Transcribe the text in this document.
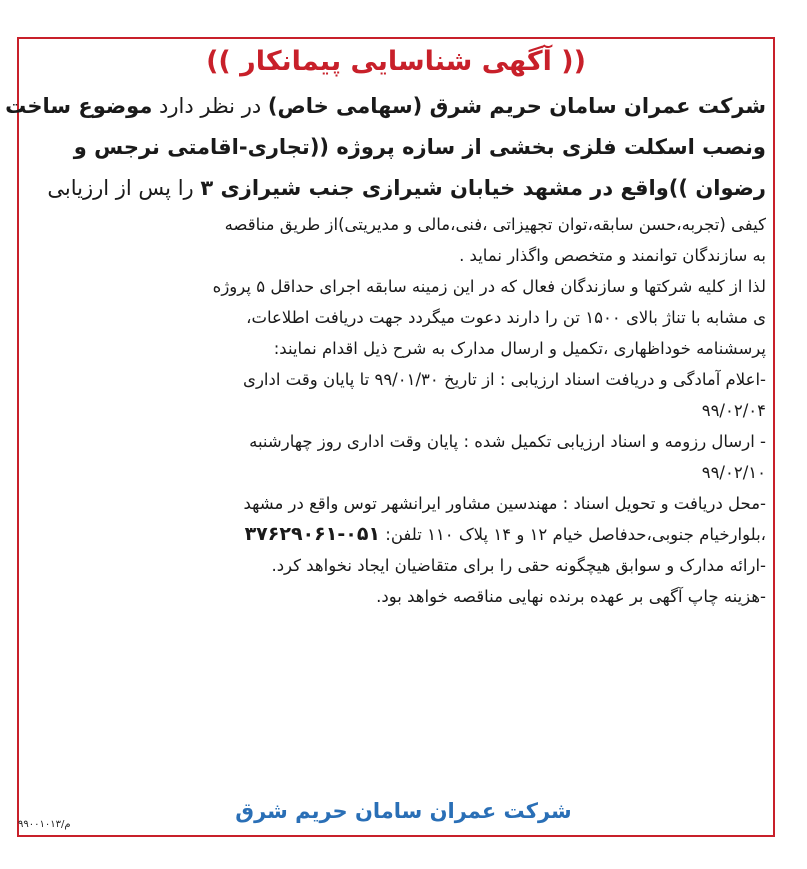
(( آگهی شناسایی پیمانکار ))
شرکت عمران سامان حریم شرق (سهامی خاص) در نظر دارد موضوع ساخت
ونصب اسکلت فلزی بخشی از سازه پروژه ((تجاری-اقامتی نرجس و
رضوان ))واقع در مشهد خیابان شیرازی جنب شیرازی ۳ را پس از ارزیابی
کیفی (تجربه،حسن سابقه،توان تجهیزاتی ،فنی،مالی و مدیریتی)از طریق مناقصه
به سازندگان توانمند و متخصص واگذار نماید .
لذا از کلیه شرکتها و سازندگان فعال که در این زمینه سابقه اجرای حداقل ۵ پروژه
ی مشابه با تناژ بالای ۱۵۰۰ تن را دارند دعوت میگردد جهت دریافت اطلاعات،
پرسشنامه خوداظهاری ،تکمیل و ارسال مدارک به شرح ذیل اقدام نمایند:
-اعلام آمادگی و دریافت اسناد ارزیابی : از تاریخ ۹۹/۰۱/۳۰ تا پایان وقت اداری
۹۹/۰۲/۰۴
- ارسال رزومه و اسناد ارزیابی تکمیل شده : پایان وقت اداری روز چهارشنبه
۹۹/۰۲/۱۰
-محل دریافت و تحویل اسناد : مهندسین مشاور ایرانشهر توس واقع در مشهد
،بلوارخیام جنوبی،حدفاصل خیام ۱۲ و ۱۴ پلاک ۱۱۰ تلفن: ۰۵۱-۳۷۶۲۹۰۶۱
-ارائه مدارک و سوابق هیچگونه حقی را برای متقاضیان ایجاد نخواهد کرد.
-هزینه چاپ آگهی بر عهده برنده نهایی مناقصه خواهد بود.
شرکت عمران سامان حریم شرق
م/۹۹۰۰۱۰۱۳
